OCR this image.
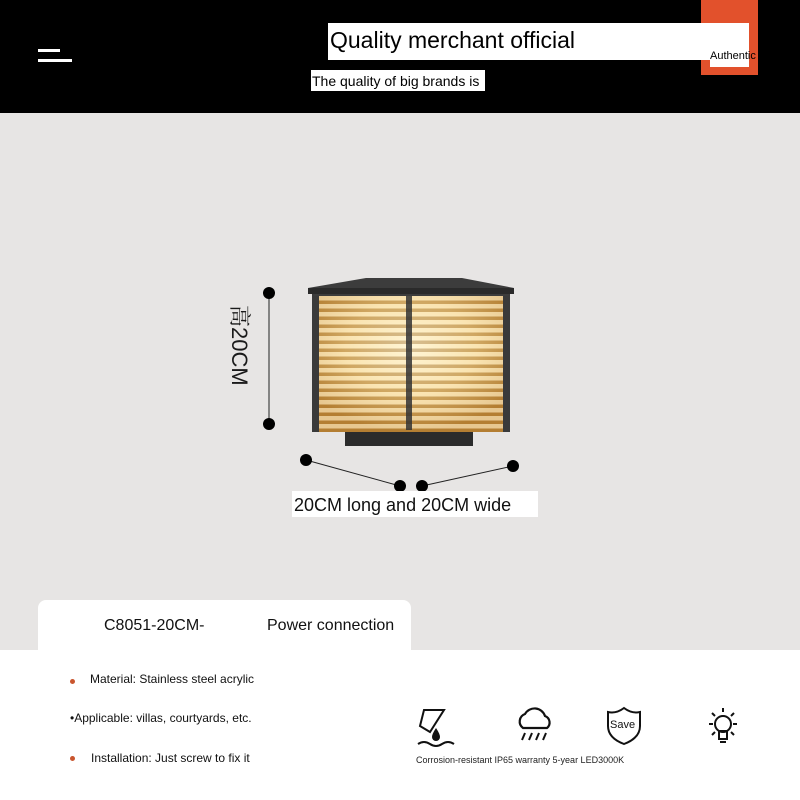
Quality merchant official
Authentic
The quality of big brands is
高20CM
20CM long and 20CM wide
C8051-20CM-	Power connection
Material: Stainless steel acrylic
•Applicable: villas, courtyards, etc.
Installation: Just screw to fix it
Save
Corrosion-resistant IP65 warranty 5-year LED3000K
